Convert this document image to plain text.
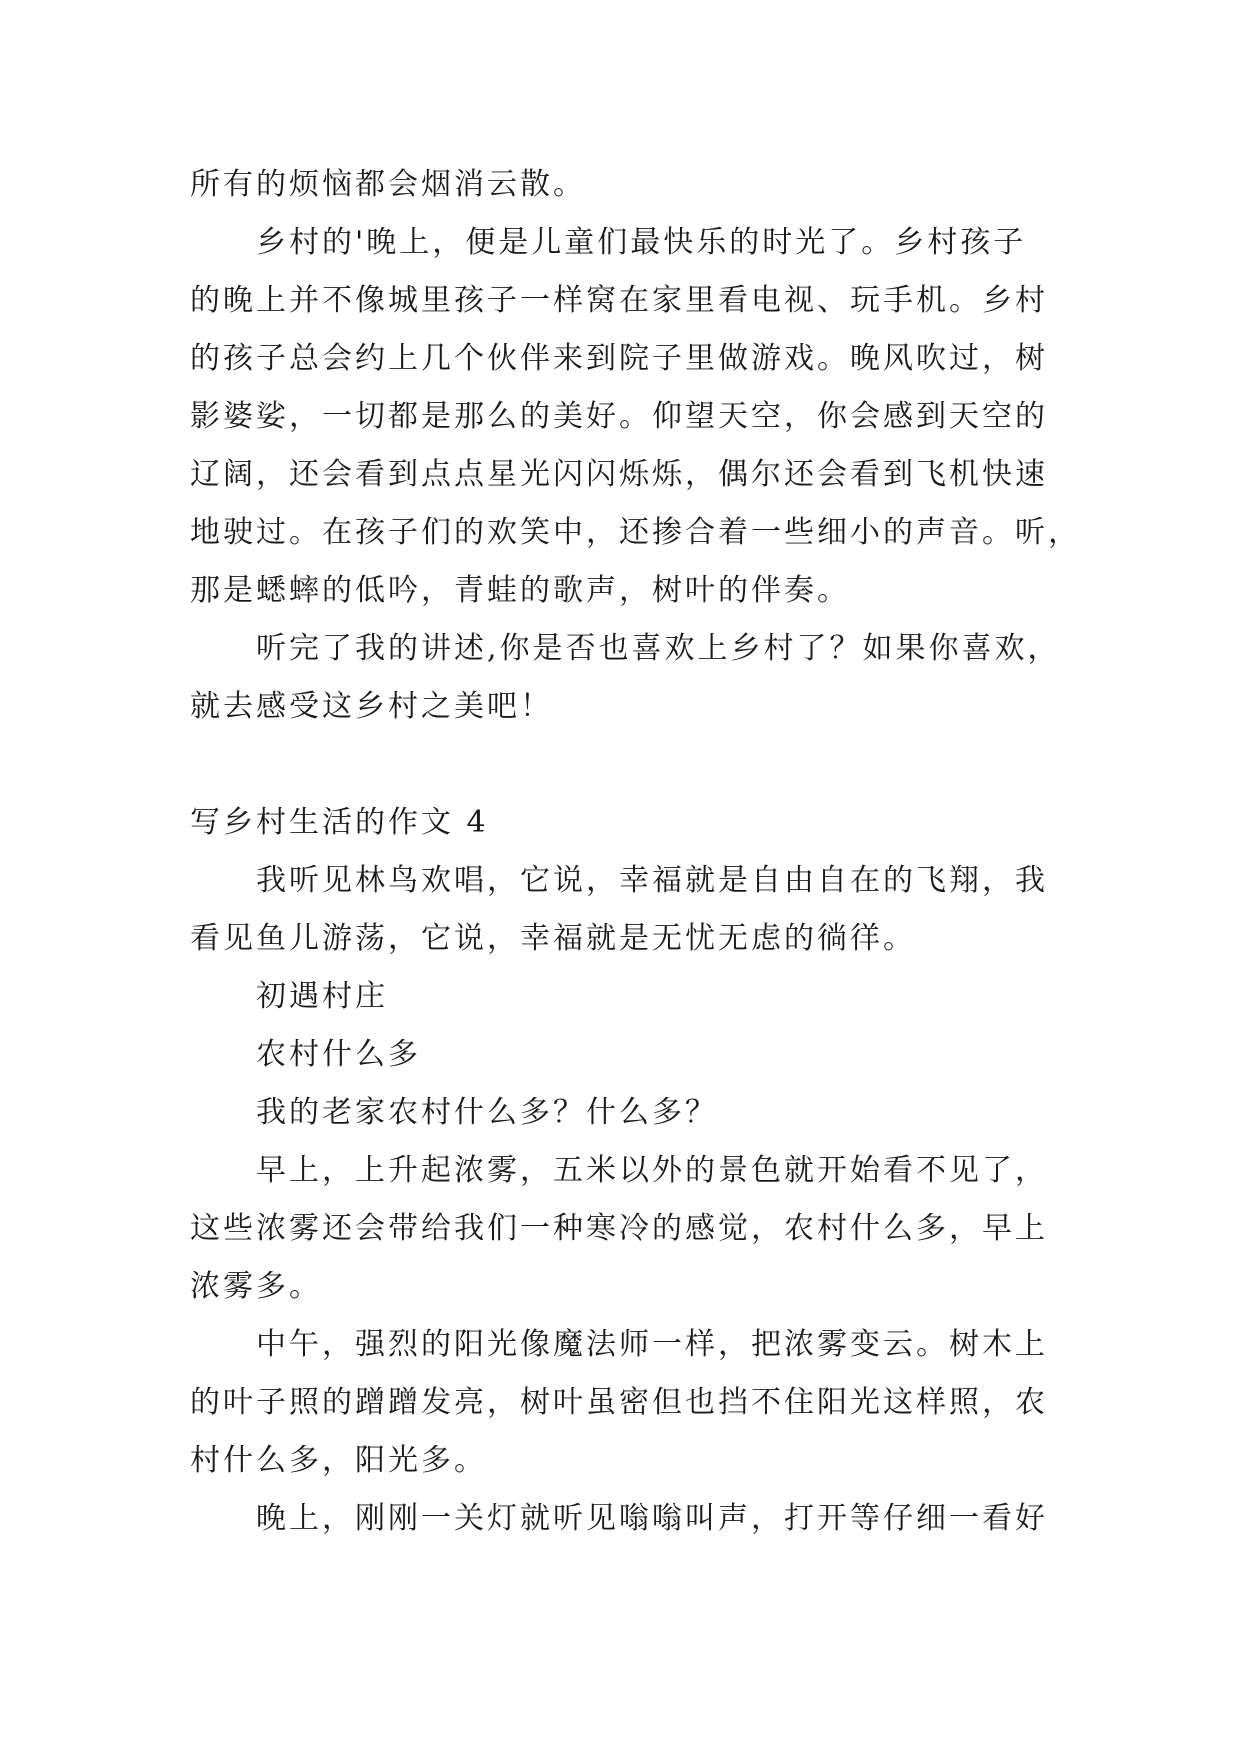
所有的烦恼都会烟消云散。
乡村的'晚上，便是儿童们最快乐的时光了。乡村孩子
的晚上并不像城里孩子一样窝在家里看电视、玩手机。乡村
的孩子总会约上几个伙伴来到院子里做游戏。晚风吹过，树
影婆娑，一切都是那么的美好。仰望天空，你会感到天空的
辽阔，还会看到点点星光闪闪烁烁，偶尔还会看到飞机快速
地驶过。在孩子们的欢笑中，还掺合着一些细小的声音。听，
那是蟋蟀的低吟，青蛙的歌声，树叶的伴奏。
听完了我的讲述,你是否也喜欢上乡村了？如果你喜欢，
就去感受这乡村之美吧！
写乡村生活的作文 4
我听见林鸟欢唱，它说，幸福就是自由自在的飞翔，我
看见鱼儿游荡，它说，幸福就是无忧无虑的徜徉。
初遇村庄
农村什么多
我的老家农村什么多？什么多？
早上，上升起浓雾，五米以外的景色就开始看不见了，
这些浓雾还会带给我们一种寒冷的感觉，农村什么多，早上
浓雾多。
中午，强烈的阳光像魔法师一样，把浓雾变云。树木上
的叶子照的蹭蹭发亮，树叶虽密但也挡不住阳光这样照，农
村什么多，阳光多。
晚上，刚刚一关灯就听见嗡嗡叫声，打开等仔细一看好
